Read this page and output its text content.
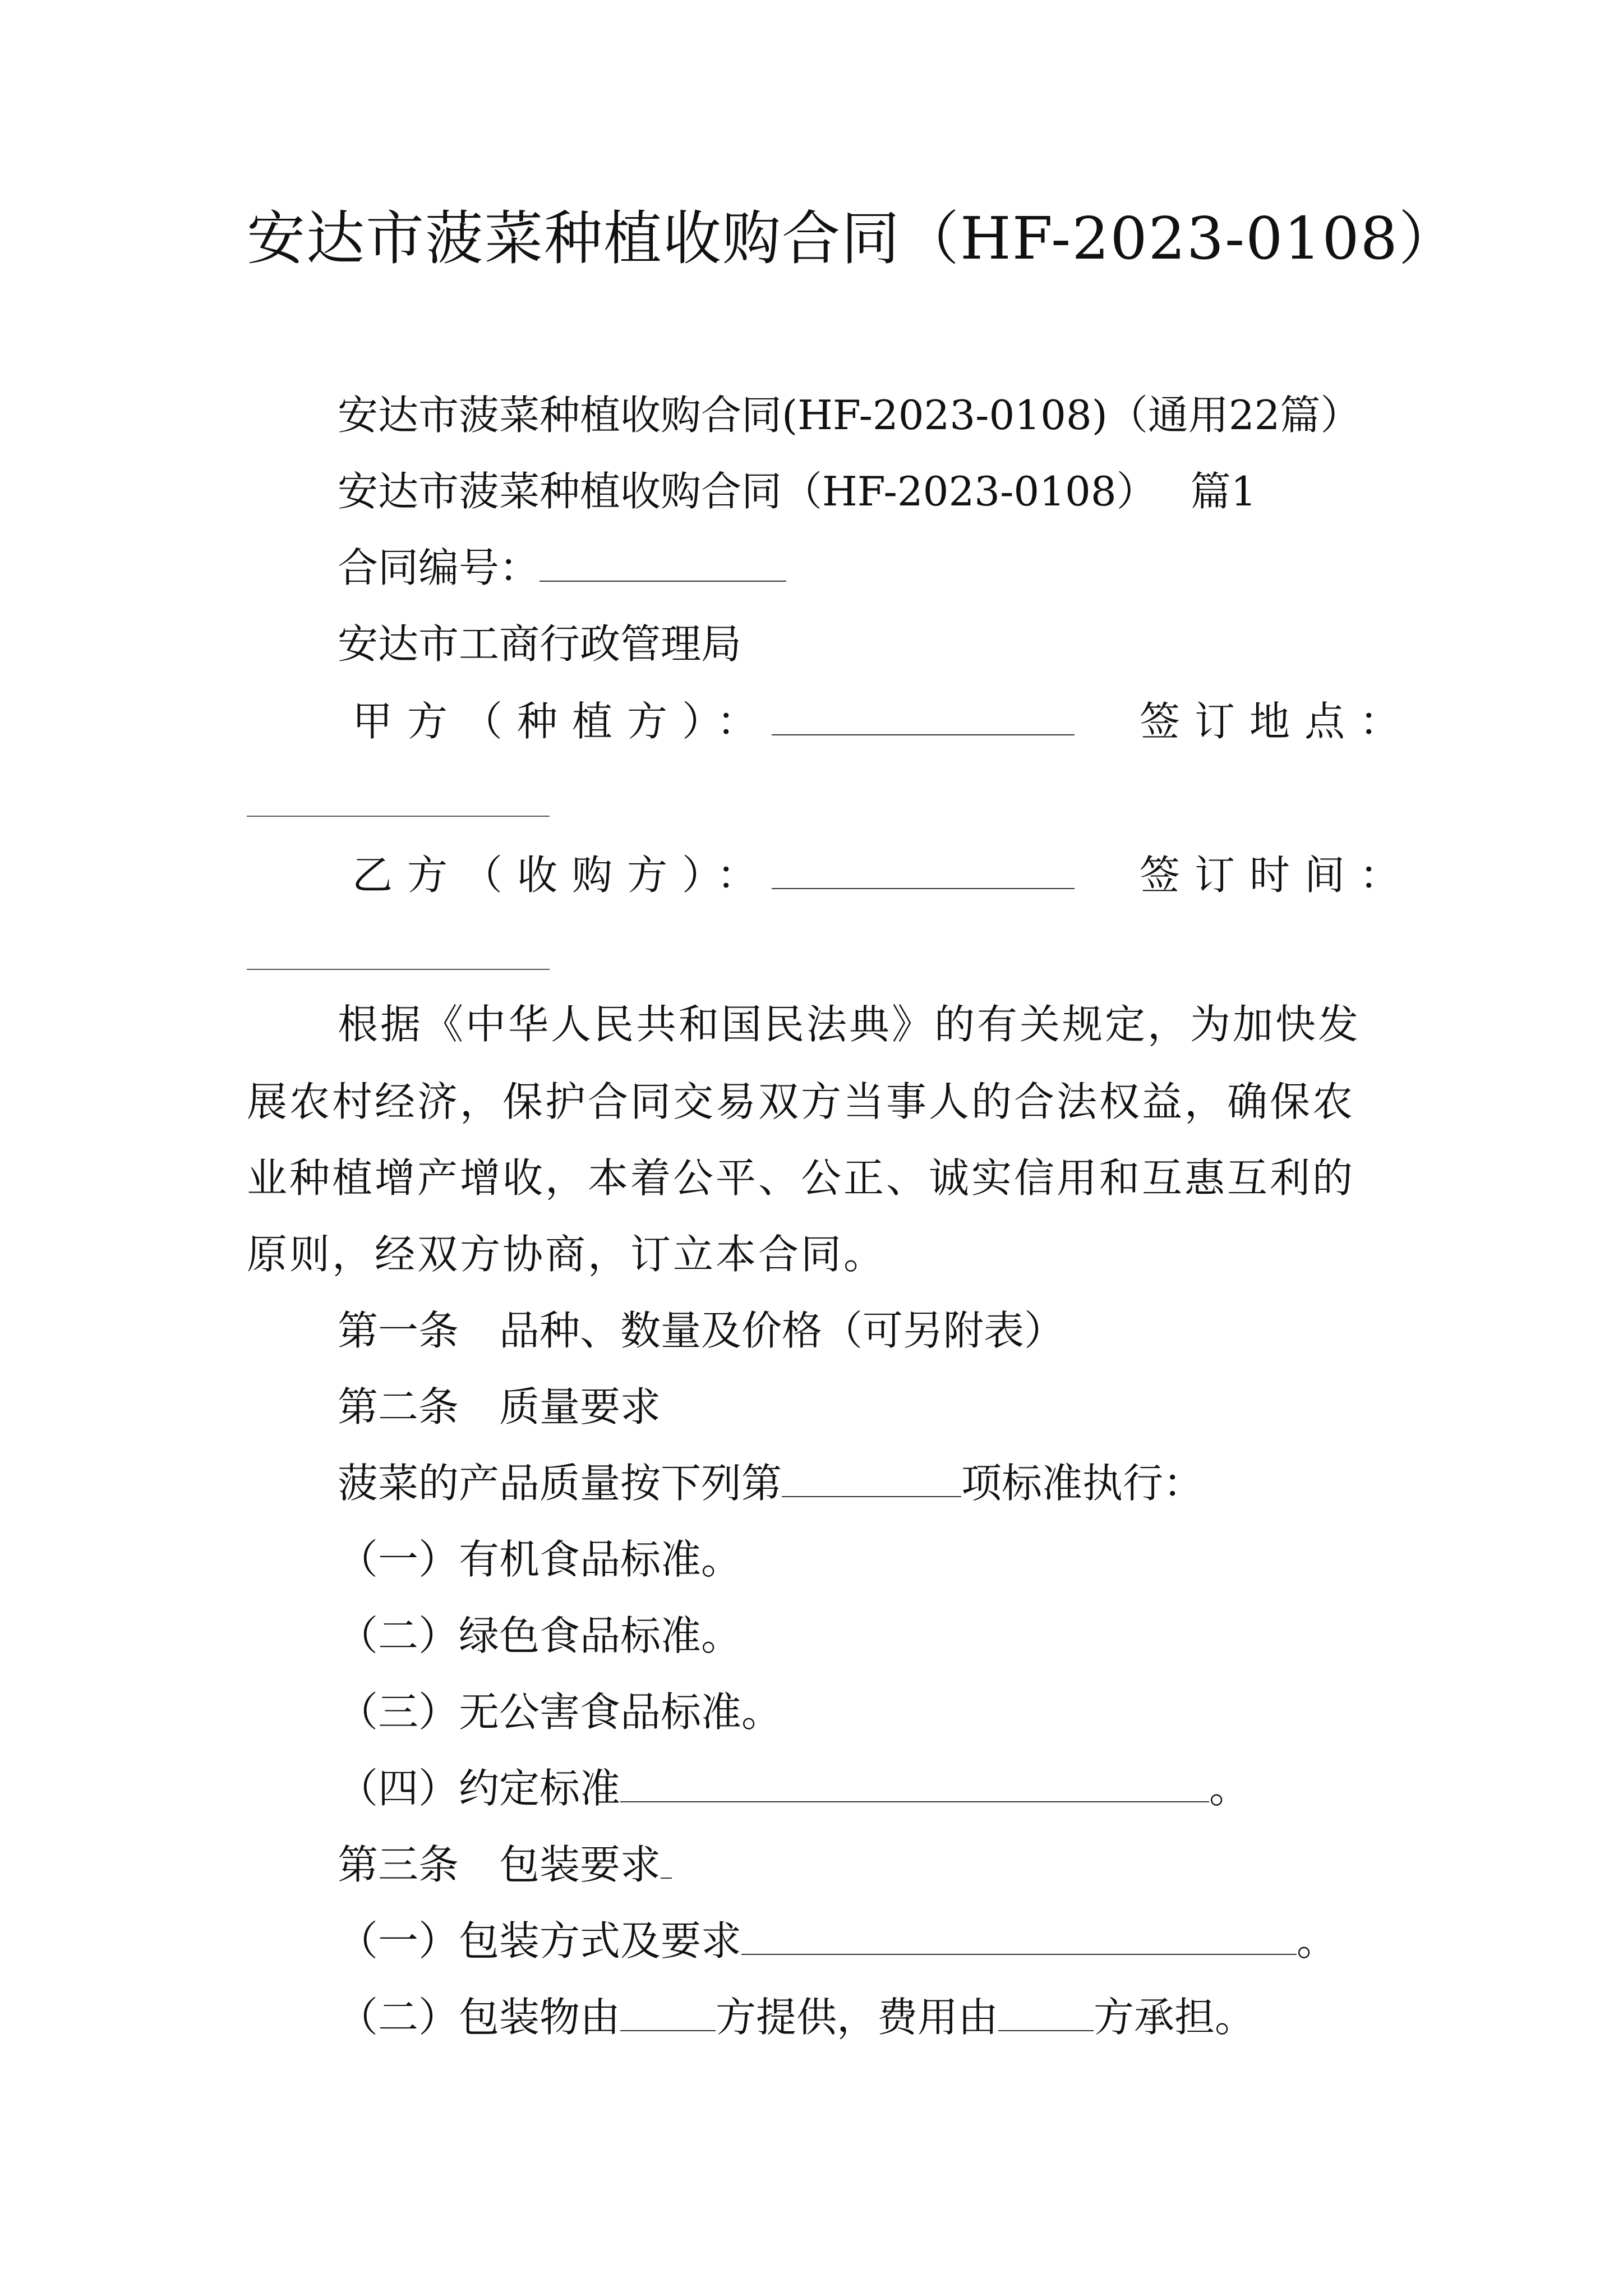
安达市菠菜种植收购合同（HF-2023-0108）
安达市菠菜种植收购合同(HF-2023-0108)（通用22篇）
安达市菠菜种植收购合同（HF-2023-0108） 篇1
合同编号：
安达市工商行政管理局
甲方（种植方）：	签订地点：
乙方（收购方）：	签订时间：
根据《中华人民共和国民法典》的有关规定，为加快发
展农村经济，保护合同交易双方当事人的合法权益，确保农
业种植增产增收，本着公平、公正、诚实信用和互惠互利的
原则，经双方协商，订立本合同。
第一条　品种、数量及价格（可另附表）
第二条　质量要求
菠菜的产品质量按下列第	项标准执行：
（一）有机食品标准。
（二）绿色食品标准。
（三）无公害食品标准。
（四）约定标准	。
第三条　包装要求
（一）包装方式及要求	。
（二）包装物由 方提供，费用由 方承担。
